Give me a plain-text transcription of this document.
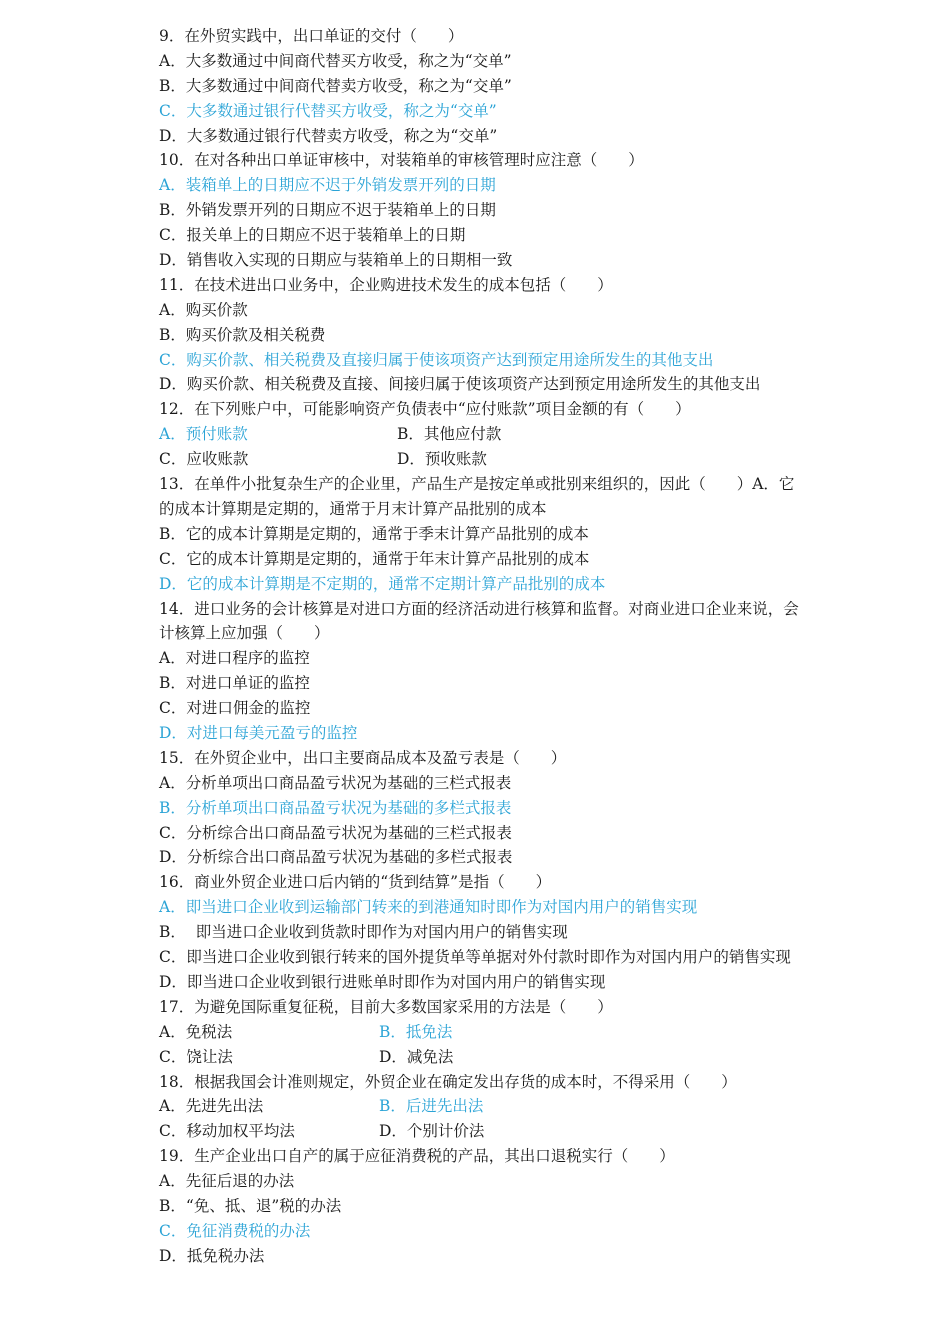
9．在外贸实践中，出口单证的交付（　　）
A．大多数通过中间商代替买方收受，称之为“交单”
B．大多数通过中间商代替卖方收受，称之为“交单”
C．大多数通过银行代替买方收受，称之为“交单”
D．大多数通过银行代替卖方收受，称之为“交单”
10．在对各种出口单证审核中，对装箱单的审核管理时应注意（　　）
A．装箱单上的日期应不迟于外销发票开列的日期
B．外销发票开列的日期应不迟于装箱单上的日期
C．报关单上的日期应不迟于装箱单上的日期
D．销售收入实现的日期应与装箱单上的日期相一致
11．在技术进出口业务中，企业购进技术发生的成本包括（　　）
A．购买价款
B．购买价款及相关税费
C．购买价款、相关税费及直接归属于使该项资产达到预定用途所发生的其他支出
D．购买价款、相关税费及直接、间接归属于使该项资产达到预定用途所发生的其他支出
12．在下列账户中，可能影响资产负债表中“应付账款”项目金额的有（　　）
A．预付账款	B．其他应付款
C．应收账款	D．预收账款
13．在单件小批复杂生产的企业里，产品生产是按定单或批别来组织的，因此（　　）A．它的成本计算期是定期的，通常于月末计算产品批别的成本
B．它的成本计算期是定期的，通常于季末计算产品批别的成本
C．它的成本计算期是定期的，通常于年末计算产品批别的成本
D．它的成本计算期是不定期的，通常不定期计算产品批别的成本
14．进口业务的会计核算是对进口方面的经济活动进行核算和监督。对商业进口企业来说，会计核算上应加强（　　）
A．对进口程序的监控
B．对进口单证的监控
C．对进口佣金的监控
D．对进口每美元盈亏的监控
15．在外贸企业中，出口主要商品成本及盈亏表是（　　）
A．分析单项出口商品盈亏状况为基础的三栏式报表
B．分析单项出口商品盈亏状况为基础的多栏式报表
C．分析综合出口商品盈亏状况为基础的三栏式报表
D．分析综合出口商品盈亏状况为基础的多栏式报表
16．商业外贸企业进口后内销的“货到结算”是指（　　）
A．即当进口企业收到运输部门转来的到港通知时即作为对国内用户的销售实现
B．  即当进口企业收到货款时即作为对国内用户的销售实现
C．即当进口企业收到银行转来的国外提货单等单据对外付款时即作为对国内用户的销售实现
D．即当进口企业收到银行进账单时即作为对国内用户的销售实现
17．为避免国际重复征税，目前大多数国家采用的方法是（　　）
A．免税法	B．抵免法
C．饶让法	D．减免法
18．根据我国会计准则规定，外贸企业在确定发出存货的成本时，不得采用（　　）
A．先进先出法	B．后进先出法
C．移动加权平均法	D．个别计价法
19．生产企业出口自产的属于应征消费税的产品，其出口退税实行（　　）
A．先征后退的办法
B．“免、抵、退”税的办法
C．免征消费税的办法
D．抵免税办法
